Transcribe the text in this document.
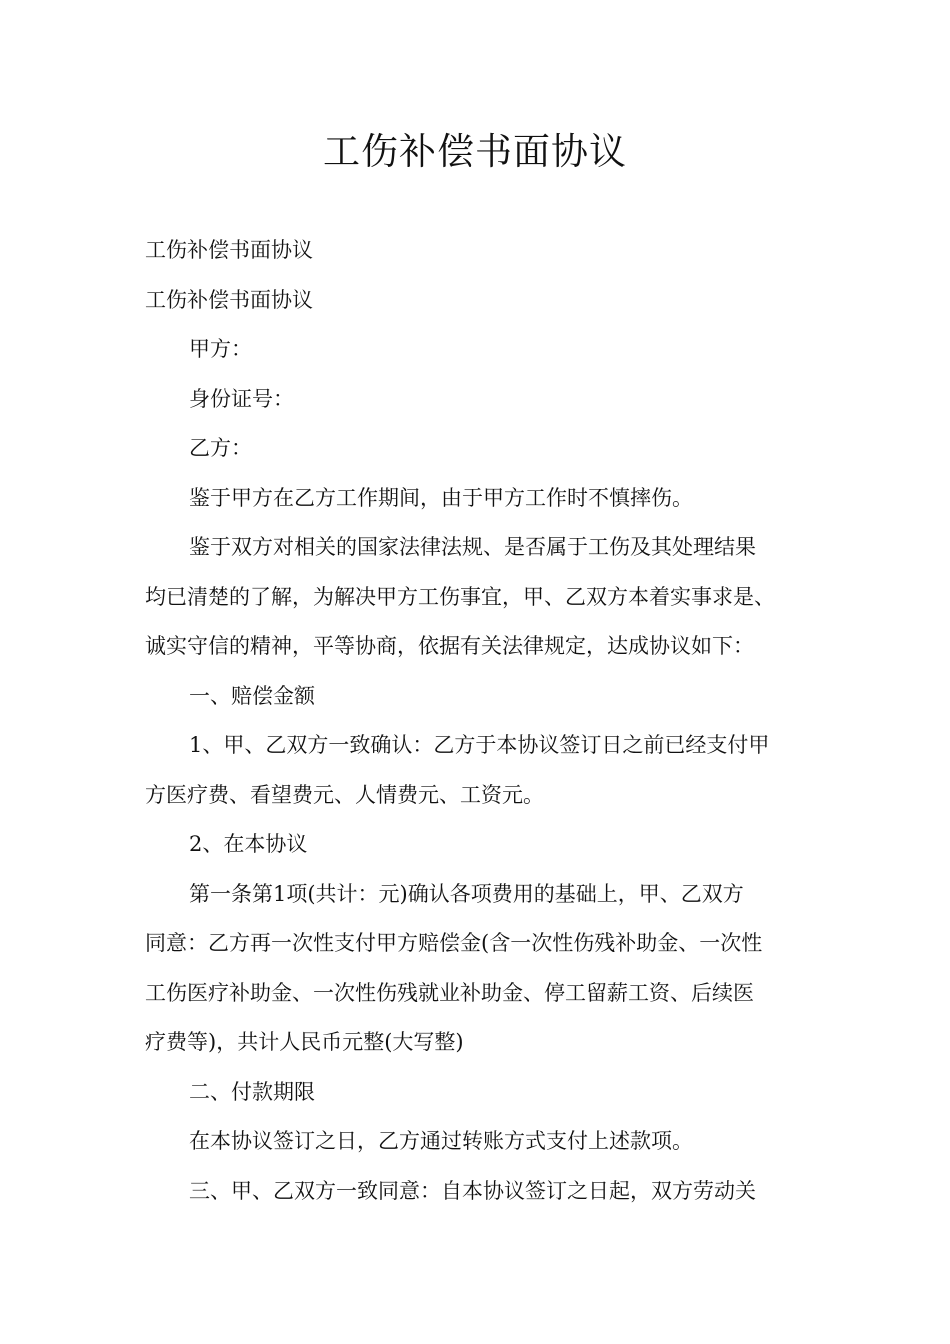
工伤补偿书面协议
工伤补偿书面协议
工伤补偿书面协议
甲方：
身份证号：
乙方：
鉴于甲方在乙方工作期间，由于甲方工作时不慎摔伤。
鉴于双方对相关的国家法律法规、是否属于工伤及其处理结果
均已清楚的了解，为解决甲方工伤事宜，甲、乙双方本着实事求是、
诚实守信的精神，平等协商，依据有关法律规定，达成协议如下：
一、赔偿金额
1、甲、乙双方一致确认：乙方于本协议签订日之前已经支付甲
方医疗费、看望费元、人情费元、工资元。
2、在本协议
第一条第1项(共计：元)确认各项费用的基础上，甲、乙双方
同意：乙方再一次性支付甲方赔偿金(含一次性伤残补助金、一次性
工伤医疗补助金、一次性伤残就业补助金、停工留薪工资、后续医
疗费等)，共计人民币元整(大写整)
二、付款期限
在本协议签订之日，乙方通过转账方式支付上述款项。
三、甲、乙双方一致同意：自本协议签订之日起，双方劳动关
